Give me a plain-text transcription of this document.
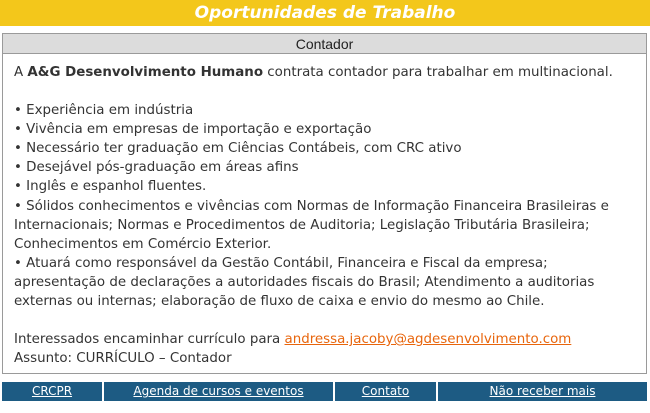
Oportunidades de Trabalho
Contador

A A&G Desenvolvimento Humano contrata contador para trabalhar em multinacional.

• Experiência em indústria

• Vivência em empresas de importação e exportação

• Necessário ter graduação em Ciências Contábeis, com CRC ativo

• Desejável pós-graduação em áreas afins

• Inglês e espanhol fluentes.

• Sólidos conhecimentos e vivências com Normas de Informação Financeira Brasileiras e Internacionais; Normas e Procedimentos de Auditoria; Legislação Tributária Brasileira; Conhecimentos em Comércio Exterior.

• Atuará como responsável da Gestão Contábil, Financeira e Fiscal da empresa; apresentação de declarações a autoridades fiscais do Brasil; Atendimento a auditorias externas ou internas; elaboração de fluxo de caixa e envio do mesmo ao Chile.

Interessados encaminhar currículo para andressa.jacoby@agdesenvolvimento.com

Assunto: CURRÍCULO – Contador

CRCPR	Agenda de cursos e eventos	Contato	Não receber mais
